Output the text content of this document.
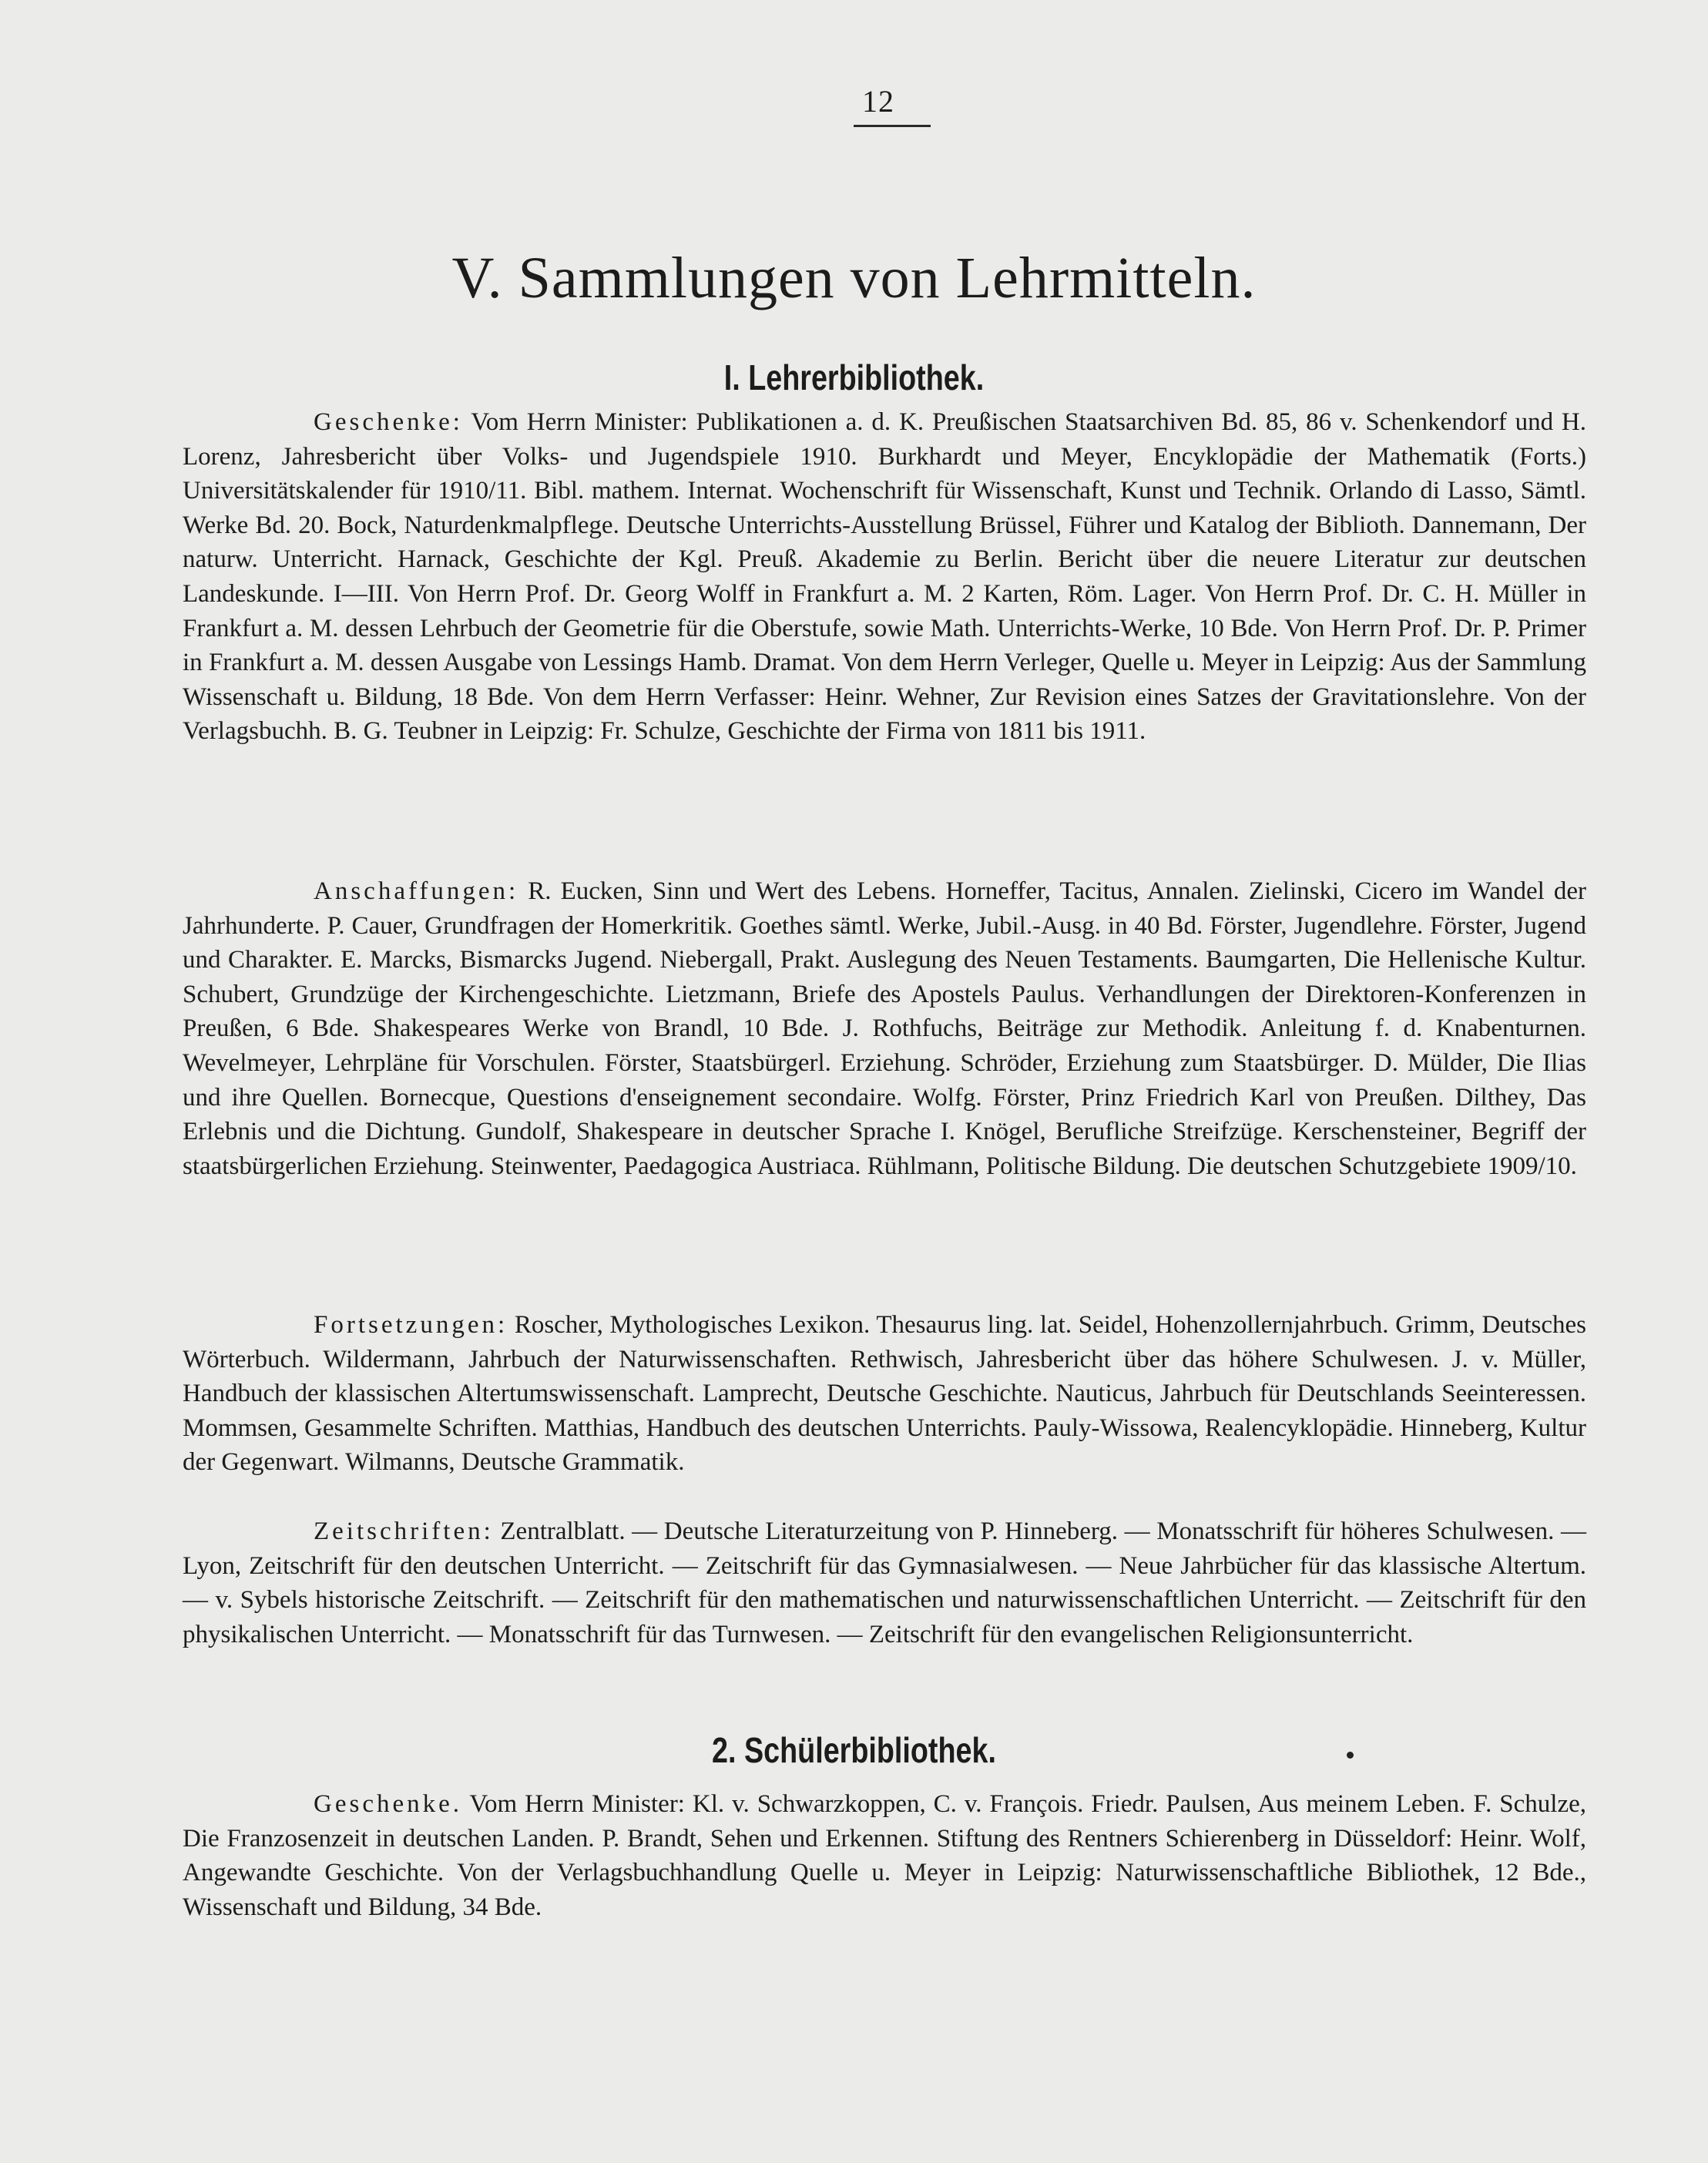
12
V. Sammlungen von Lehrmitteln.
I. Lehrerbibliothek.

Geschenke: Vom Herrn Minister: Publikationen a. d. K. Preußischen Staatsarchiven Bd. 85, 86 v. Schenkendorf und H. Lorenz, Jahresbericht über Volks- und Jugendspiele 1910. Burkhardt und Meyer, Encyklopädie der Mathematik (Forts.) Universitätskalender für 1910/11. Bibl. mathem. Internat. Wochenschrift für Wissenschaft, Kunst und Technik. Orlando di Lasso, Sämtl. Werke Bd. 20. Bock, Naturdenkmalpflege. Deutsche Unterrichts-Ausstellung Brüssel, Führer und Katalog der Biblioth. Dannemann, Der naturw. Unterricht. Harnack, Geschichte der Kgl. Preuß. Akademie zu Berlin. Bericht über die neuere Literatur zur deutschen Landeskunde. I—III. Von Herrn Prof. Dr. Georg Wolff in Frankfurt a. M. 2 Karten, Röm. Lager. Von Herrn Prof. Dr. C. H. Müller in Frankfurt a. M. dessen Lehrbuch der Geometrie für die Oberstufe, sowie Math. Unterrichts-Werke, 10 Bde. Von Herrn Prof. Dr. P. Primer in Frankfurt a. M. dessen Ausgabe von Lessings Hamb. Dramat. Von dem Herrn Verleger, Quelle u. Meyer in Leipzig: Aus der Sammlung Wissenschaft u. Bildung, 18 Bde. Von dem Herrn Verfasser: Heinr. Wehner, Zur Revision eines Satzes der Gravitationslehre. Von der Verlagsbuchh. B. G. Teubner in Leipzig: Fr. Schulze, Geschichte der Firma von 1811 bis 1911.

Anschaffungen: R. Eucken, Sinn und Wert des Lebens. Horneffer, Tacitus, Annalen. Zielinski, Cicero im Wandel der Jahrhunderte. P. Cauer, Grundfragen der Homerkritik. Goethes sämtl. Werke, Jubil.-Ausg. in 40 Bd. Förster, Jugendlehre. Förster, Jugend und Charakter. E. Marcks, Bismarcks Jugend. Niebergall, Prakt. Auslegung des Neuen Testaments. Baumgarten, Die Hellenische Kultur. Schubert, Grundzüge der Kirchengeschichte. Lietzmann, Briefe des Apostels Paulus. Verhandlungen der Direktoren-Konferenzen in Preußen, 6 Bde. Shakespeares Werke von Brandl, 10 Bde. J. Rothfuchs, Beiträge zur Methodik. Anleitung f. d. Knabenturnen. Wevelmeyer, Lehrpläne für Vorschulen. Förster, Staatsbürgerl. Erziehung. Schröder, Erziehung zum Staatsbürger. D. Mülder, Die Ilias und ihre Quellen. Bornecque, Questions d'enseignement secondaire. Wolfg. Förster, Prinz Friedrich Karl von Preußen. Dilthey, Das Erlebnis und die Dichtung. Gundolf, Shakespeare in deutscher Sprache I. Knögel, Berufliche Streifzüge. Kerschensteiner, Begriff der staatsbürgerlichen Erziehung. Steinwenter, Paedagogica Austriaca. Rühlmann, Politische Bildung. Die deutschen Schutzgebiete 1909/10.

Fortsetzungen: Roscher, Mythologisches Lexikon. Thesaurus ling. lat. Seidel, Hohenzollernjahrbuch. Grimm, Deutsches Wörterbuch. Wildermann, Jahrbuch der Naturwissenschaften. Rethwisch, Jahresbericht über das höhere Schulwesen. J. v. Müller, Handbuch der klassischen Altertumswissenschaft. Lamprecht, Deutsche Geschichte. Nauticus, Jahrbuch für Deutschlands Seeinteressen. Mommsen, Gesammelte Schriften. Matthias, Handbuch des deutschen Unterrichts. Pauly-Wissowa, Realencyklopädie. Hinneberg, Kultur der Gegenwart. Wilmanns, Deutsche Grammatik.

Zeitschriften: Zentralblatt. — Deutsche Literaturzeitung von P. Hinneberg. — Monatsschrift für höheres Schulwesen. — Lyon, Zeitschrift für den deutschen Unterricht. — Zeitschrift für das Gymnasialwesen. — Neue Jahrbücher für das klassische Altertum. — v. Sybels historische Zeitschrift. — Zeitschrift für den mathematischen und naturwissenschaftlichen Unterricht. — Zeitschrift für den physikalischen Unterricht. — Monatsschrift für das Turnwesen. — Zeitschrift für den evangelischen Religionsunterricht.

2. Schülerbibliothek.

Geschenke. Vom Herrn Minister: Kl. v. Schwarzkoppen, C. v. François. Friedr. Paulsen, Aus meinem Leben. F. Schulze, Die Franzosenzeit in deutschen Landen. P. Brandt, Sehen und Erkennen. Stiftung des Rentners Schierenberg in Düsseldorf: Heinr. Wolf, Angewandte Geschichte. Von der Verlagsbuchhandlung Quelle u. Meyer in Leipzig: Naturwissenschaftliche Bibliothek, 12 Bde., Wissenschaft und Bildung, 34 Bde.
